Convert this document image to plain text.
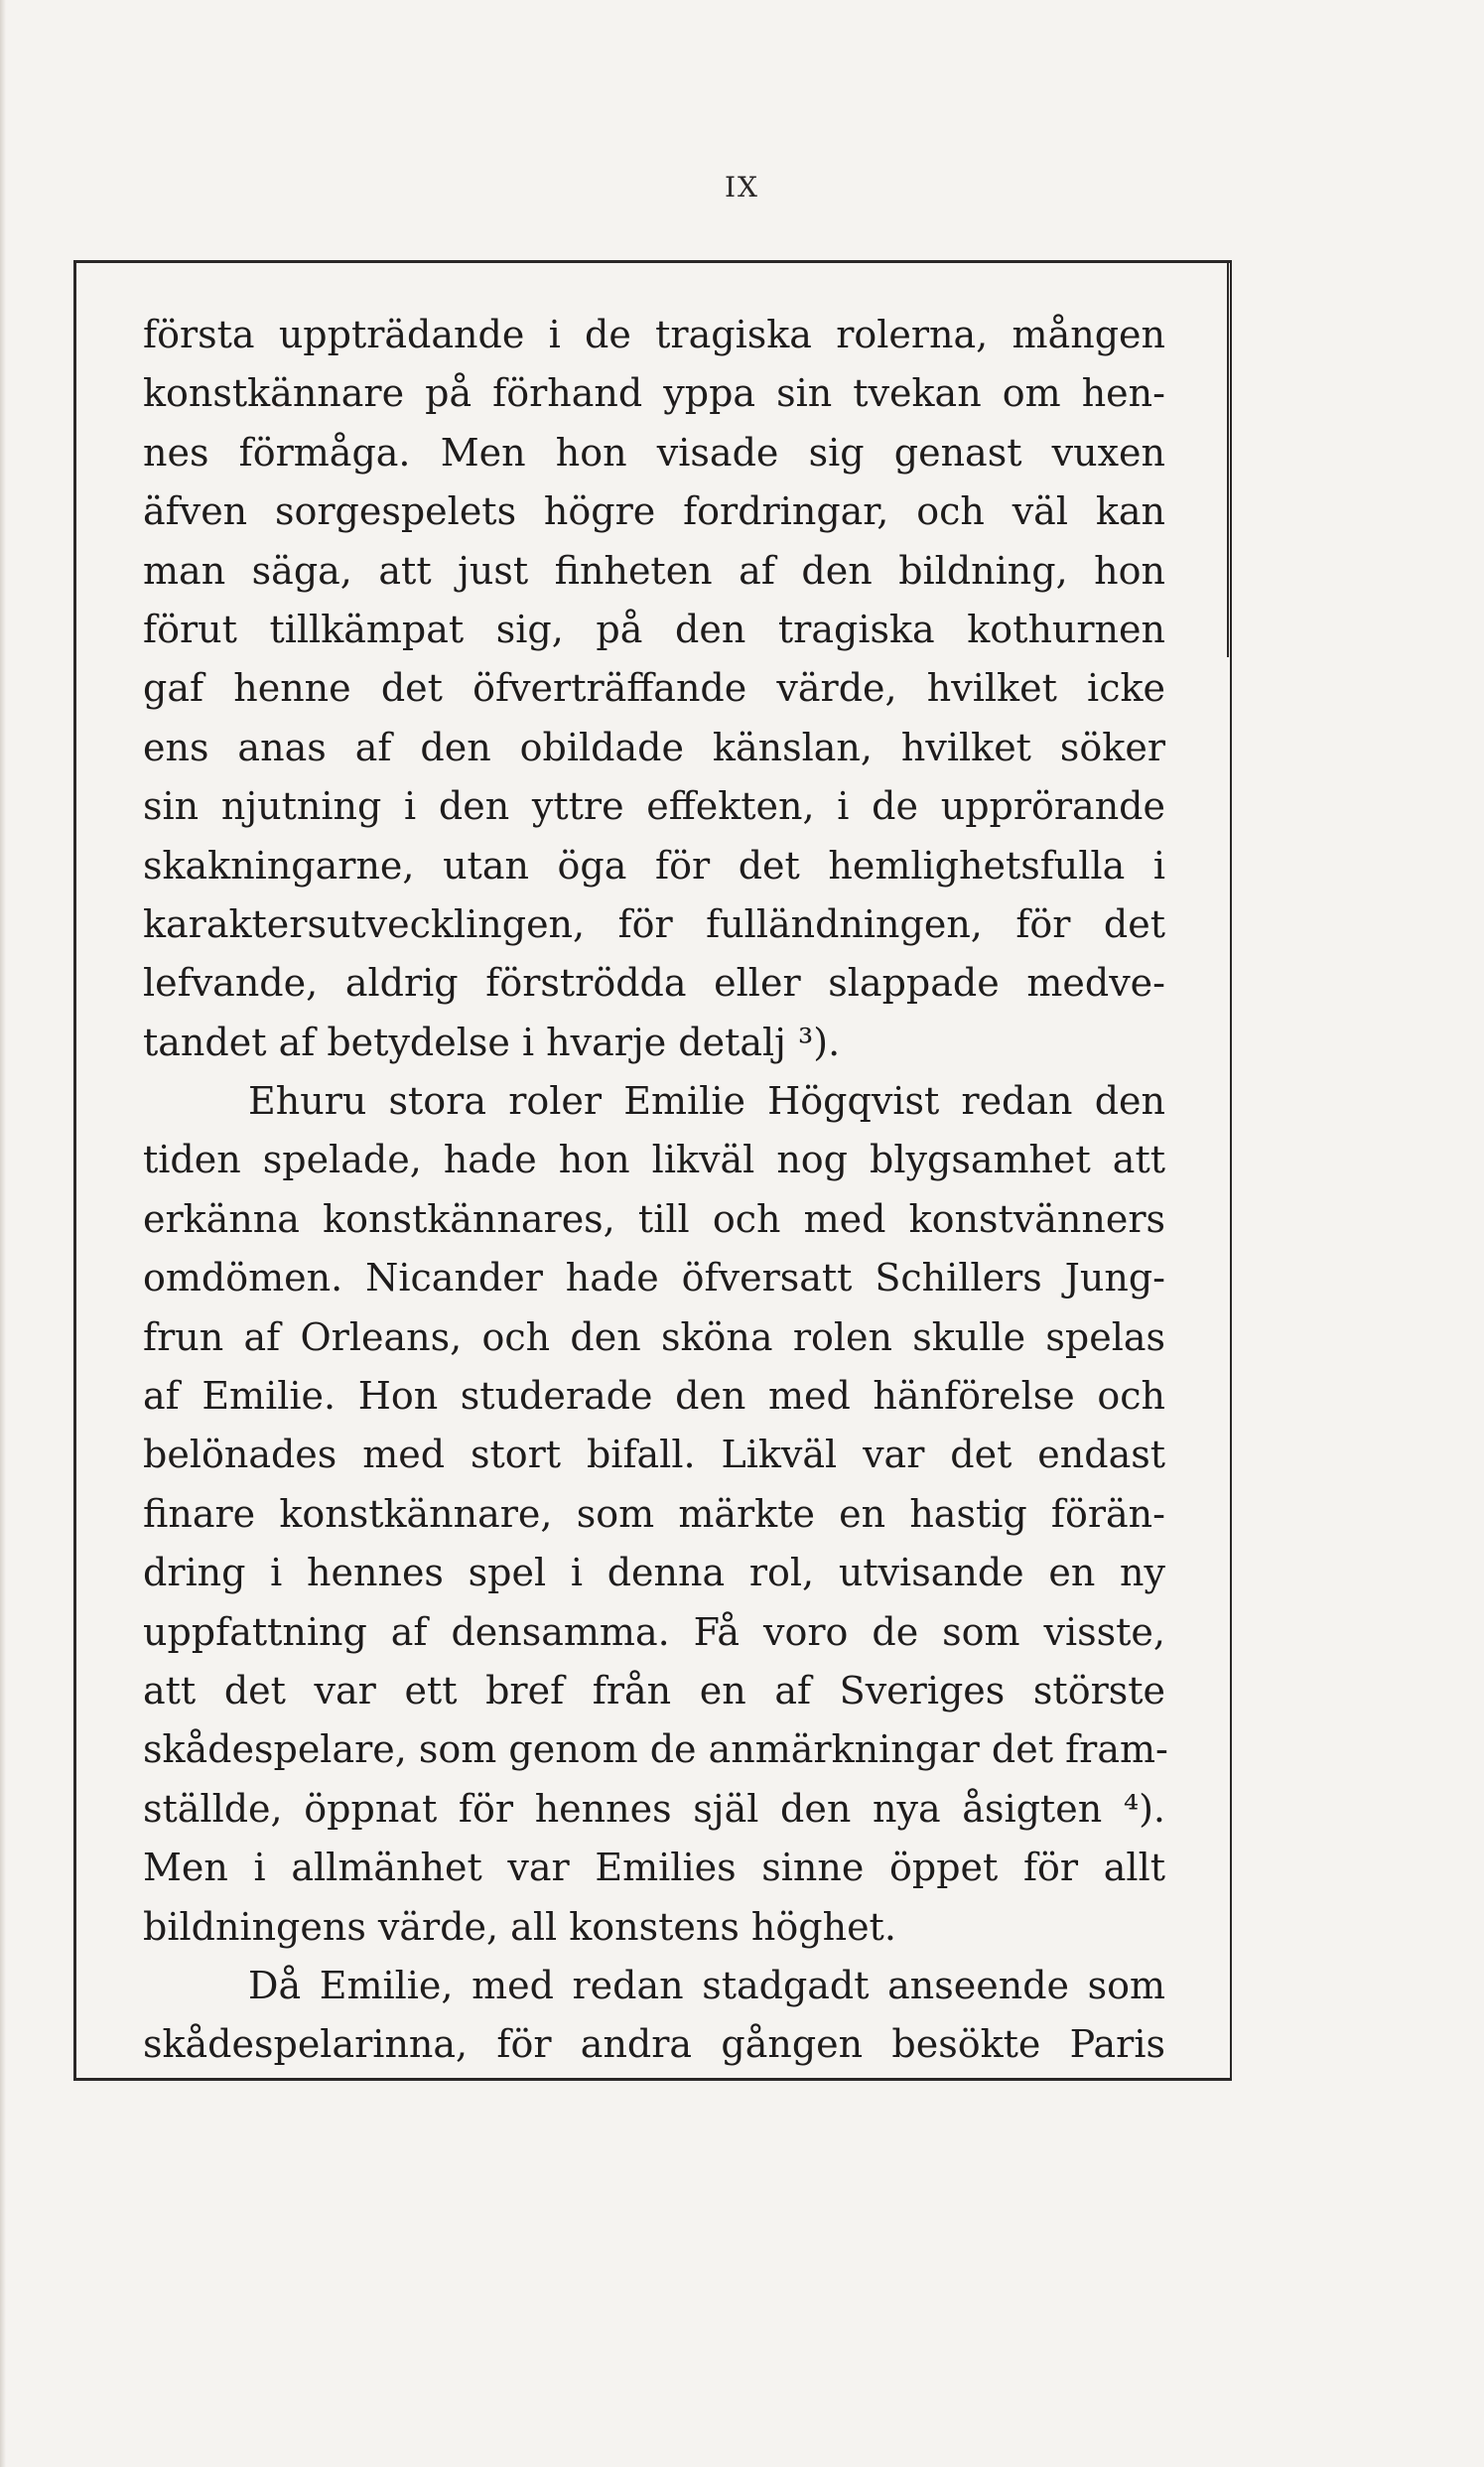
IX
första uppträdande i de tragiska rolerna, mången
konstkännare på förhand yppa sin tvekan om hen-
nes förmåga. Men hon visade sig genast vuxen
äfven sorgespelets högre fordringar, och väl kan
man säga, att just finheten af den bildning, hon
förut tillkämpat sig, på den tragiska kothurnen
gaf henne det öfverträffande värde, hvilket icke
ens anas af den obildade känslan, hvilket söker
sin njutning i den yttre effekten, i de upprörande
skakningarne, utan öga för det hemlighetsfulla i
karaktersutvecklingen, för fulländningen, för det
lefvande, aldrig förströdda eller slappade medve-
tandet af betydelse i hvarje detalj ³).
Ehuru stora roler Emilie Högqvist redan den
tiden spelade, hade hon likväl nog blygsamhet att
erkänna konstkännares, till och med konstvänners
omdömen. Nicander hade öfversatt Schillers Jung-
frun af Orleans, och den sköna rolen skulle spelas
af Emilie. Hon studerade den med hänförelse och
belönades med stort bifall. Likväl var det endast
finare konstkännare, som märkte en hastig förän-
dring i hennes spel i denna rol, utvisande en ny
uppfattning af densamma. Få voro de som visste,
att det var ett bref från en af Sveriges störste
skådespelare, som genom de anmärkningar det fram-
ställde, öppnat för hennes själ den nya åsigten ⁴).
Men i allmänhet var Emilies sinne öppet för allt
bildningens värde, all konstens höghet.
Då Emilie, med redan stadgadt anseende som
skådespelarinna, för andra gången besökte Paris
